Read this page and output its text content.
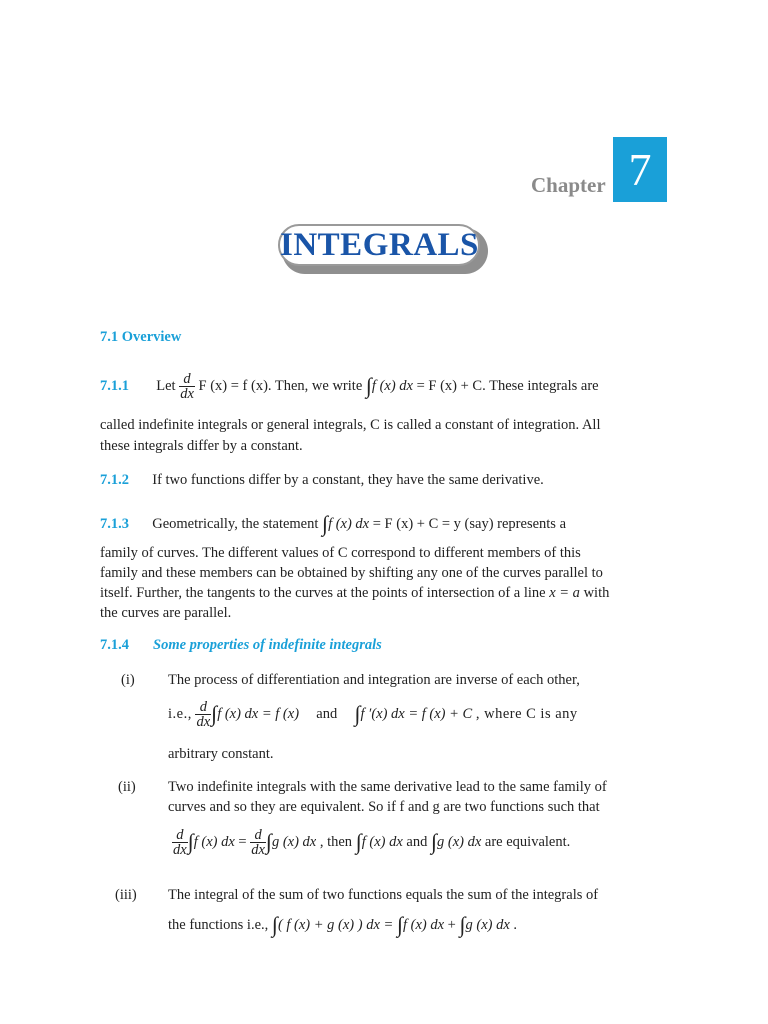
Chapter 7
INTEGRALS
7.1 Overview
7.1.1 Let $\frac{d}{dx}$ F (x) = f (x). Then, we write ∫f (x) dx = F (x) + C. These integrals are
called indefinite integrals or general integrals, C is called a constant of integration. All
these integrals differ by a constant.
7.1.2 If two functions differ by a constant, they have the same derivative.
7.1.3 Geometrically, the statement ∫f (x) dx = F (x) + C = y (say) represents a
family of curves. The different values of C correspond to different members of this
family and these members can be obtained by shifting any one of the curves parallel to
itself. Further, the tangents to the curves at the points of intersection of a line x = a with
the curves are parallel.
7.1.4 Some properties of indefinite integrals
(i) The process of differentiation and integration are inverse of each other,
i.e., $\frac{d}{dx} \int f$ (x) dx = f (x) and ∫f ′(x) dx = f (x) + C , where C is any
arbitrary constant.
(ii) Two indefinite integrals with the same derivative lead to the same family of
curves and so they are equivalent. So if f and g are two functions such that
$\frac{d}{dx} \int f$ (x) dx = $\frac{d}{dx} \int g$ (x) dx , then ∫f (x) dx and ∫g (x) dx are equivalent.
(iii) The integral of the sum of two functions equals the sum of the integrals of
the functions i.e., ∫( f (x) + g (x) ) dx = ∫f (x) dx + ∫g (x) dx .
